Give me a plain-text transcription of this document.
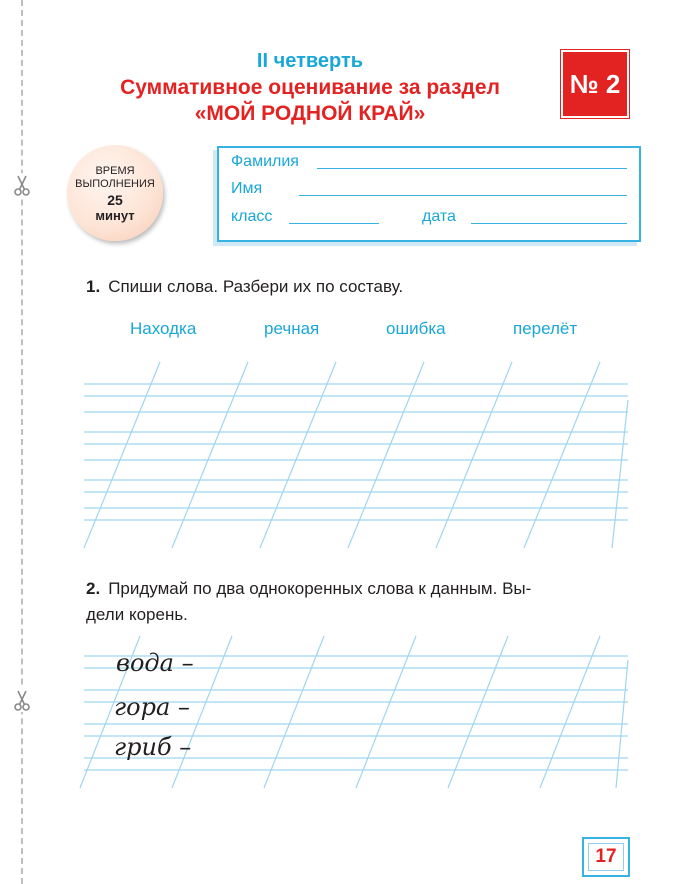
II четверть
Суммативное оценивание за раздел
«МОЙ РОДНОЙ КРАЙ»
№ 2
ВРЕМЯ
ВЫПОЛНЕНИЯ
25
минут
Фамилия
Имя
класс	дата
1. Спиши слова. Разбери их по составу.
Находка	речная	ошибка	перелёт
2. Придумай по два однокоренных слова к данным. Вы-
дели корень.
вода –
гора –
гриб –
17
